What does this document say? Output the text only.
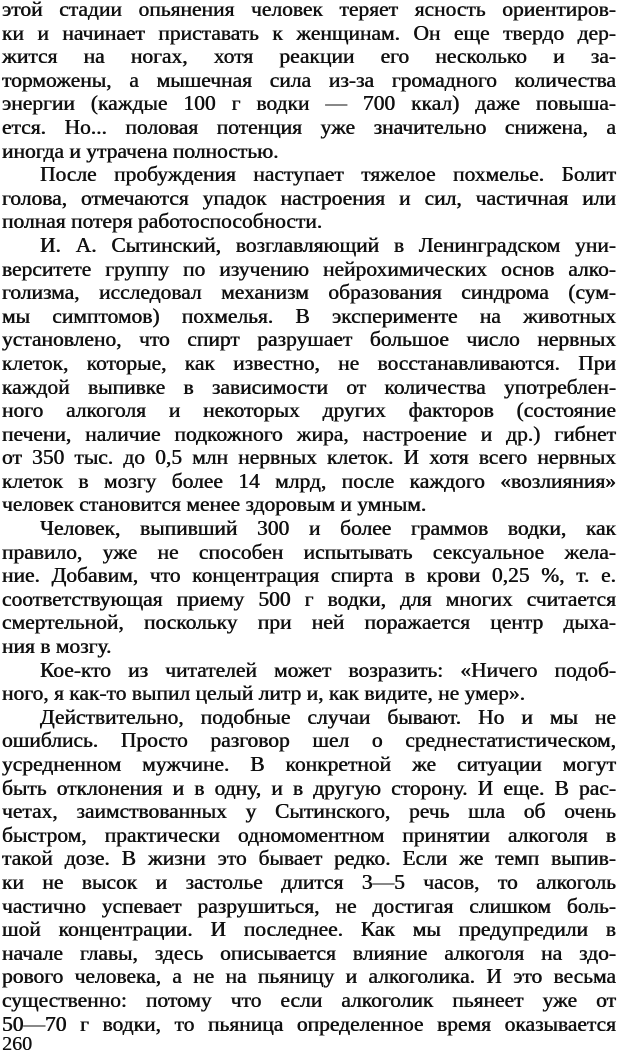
этой стадии опьянения человек теряет ясность ориентиров-
ки и начинает приставать к женщинам. Он еще твердо дер-
жится на ногах, хотя реакции его несколько и за-
торможены, а мышечная сила из-за громадного количества
энергии (каждые 100 г водки — 700 ккал) даже повыша-
ется. Но... половая потенция уже значительно снижена, а
иногда и утрачена полностью.
После пробуждения наступает тяжелое похмелье. Болит
голова, отмечаются упадок настроения и сил, частичная или
полная потеря работоспособности.
И. А. Сытинский, возглавляющий в Ленинградском уни-
верситете группу по изучению нейрохимических основ алко-
голизма, исследовал механизм образования синдрома (сум-
мы симптомов) похмелья. В эксперименте на животных
установлено, что спирт разрушает большое число нервных
клеток, которые, как известно, не восстанавливаются. При
каждой выпивке в зависимости от количества употреблен-
ного алкоголя и некоторых других факторов (состояние
печени, наличие подкожного жира, настроение и др.) гибнет
от 350 тыс. до 0,5 млн нервных клеток. И хотя всего нервных
клеток в мозгу более 14 млрд, после каждого «возлияния»
человек становится менее здоровым и умным.
Человек, выпивший 300 и более граммов водки, как
правило, уже не способен испытывать сексуальное жела-
ние. Добавим, что концентрация спирта в крови 0,25 %, т. е.
соответствующая приему 500 г водки, для многих считается
смертельной, поскольку при ней поражается центр дыха-
ния в мозгу.
Кое-кто из читателей может возразить: «Ничего подоб-
ного, я как-то выпил целый литр и, как видите, не умер».
Действительно, подобные случаи бывают. Но и мы не
ошиблись. Просто разговор шел о среднестатистическом,
усредненном мужчине. В конкретной же ситуации могут
быть отклонения и в одну, и в другую сторону. И еще. В рас-
четах, заимствованных у Сытинского, речь шла об очень
быстром, практически одномоментном принятии алкоголя в
такой дозе. В жизни это бывает редко. Если же темп выпив-
ки не высок и застолье длится 3—5 часов, то алкоголь
частично успевает разрушиться, не достигая слишком боль-
шой концентрации. И последнее. Как мы предупредили в
начале главы, здесь описывается влияние алкоголя на здо-
рового человека, а не на пьяницу и алкоголика. И это весьма
существенно: потому что если алкоголик пьянеет уже от
50—70 г водки, то пьяница определенное время оказывается
260
